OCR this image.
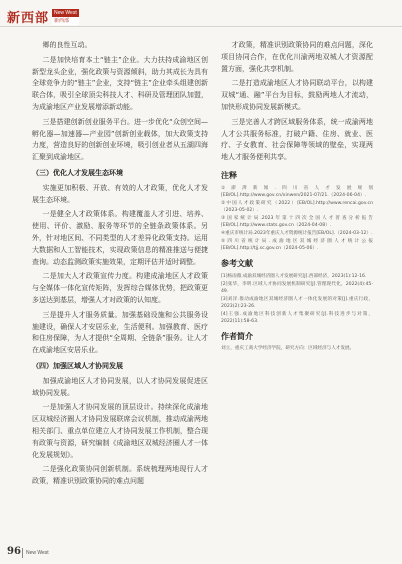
新西部	New West
新西部

鄉的良性互动。

二是加快培育本土“链主”企业。大力扶持成渝地区创新型龙头企业，强化政策与资源倾斜，助力其成长为具有全球竞争力的“链主”企业，支持“链主”企业牵头组建创新联合体，吸引全球顶尖科技人才、科研及管理团队加盟，为成渝地区产业发展增添新动能。

三是搭建创新创业服务平台。进一步优化“众创空间—孵化器—加速器—产业园”创新创业载体，加大政策支持力度，营造良好的创新创业环境，吸引创业者从五湖四海汇聚到成渝地区。

（三）优化人才发展生态环境

实施更加积极、开放、有效的人才政策，优化人才发展生态环境。

一是健全人才政策体系。构建覆盖人才引进、培养、使用、评价、激励、服务等环节的全链条政策体系。另外，针对地区间、不同类型的人才差异化政策支持。运用大数据和人工智能技术，实现政策信息的精准推送与便捷查询。动态监测政策实施效果，定期评估并适时调整。

二是加大人才政策宣传力度。构建成渝地区人才政策与全媒体一体化宣传矩阵，发挥综合媒体优势，把政策更多送达到基层，增强人才对政策的认知度。

三是提升人才服务质量。加强基础设施和公共服务设施建设，确保人才安居乐业，生活便利。加强教育、医疗和住房保障，为人才提供“全周期、全链条”服务。让人才在成渝地区安居乐业。

（四）加强区域人才协同发展

加强成渝地区人才协同发展，以人才协同发展促进区域协同发展。

一是加强人才协同发展的顶层设计。持续深化成渝地区双城经济圈人才协同发展联席会议机制，推动成渝两地相关部门、重点单位建立人才协同发展工作机制，整合现有政策与资源，研究编制《成渝地区双城经济圈人才一体化发展规划》。

二是强化政策协同创新机制。系统梳理两地现行人才政策，精准识别政策协同的难点问题

才政策，精准识别政策协同的难点问题，深化项目协同合作，在优化川渝两地双城人才资源配置方面，强化共享机制。

二是打造成渝地区人才协同联动平台，以构建双城“通、融”平台为目标，鼓励两地人才流动，加快形成协同发展新模式。

三是完善人才跨区域服务体系，统一成渝两地人才公共服务标准，打破户籍、住房、就业、医疗、子女教育、社会保障等领域的壁垒，实现两地人才服务便利共享。

注释

①澎湃新闻.四川省人才发展规划[EB/OL].http://www.gov.cn/xinwen/2021-07/21.（2024-06-04）.

②中国人才政策研究（2022）[EB/OL].http://www.rencai.gov.cn（2023-05-02）.

③国家统计局.2023年第十四次全国人才普查分析报告[EB/OL].http://www.stats.gov.cn（2024-04-08）.

④重庆市统计局.2023年重庆人才资源统计报告[EB/OL].（2024-03-12）.

⑤四川省统计局.成渝地区双城经济圈人才统计公报[EB/OL].http://tjj.sc.gov.cn（2024-05-06）.

参考文献

[1]杨雨薇.成渝双城经济圈人才发展研究[J].西部经济，2023(1):12-16.

[2]张华，李明.区域人才协同发展机制研究[J].管理现代化，2022(4):45-49.

[3]刘洋.推动成渝地区双城经济圈人才一体化发展的对策[J].重庆行政，2023(2):23-26.

[4]王强.成渝地区科技创新人才集聚研究[J].科技进步与对策，2022(11):58-63.

作者简介

刘立，重庆工商大学经济学院，研究方向：区域经济与人才发展。

96 New West
